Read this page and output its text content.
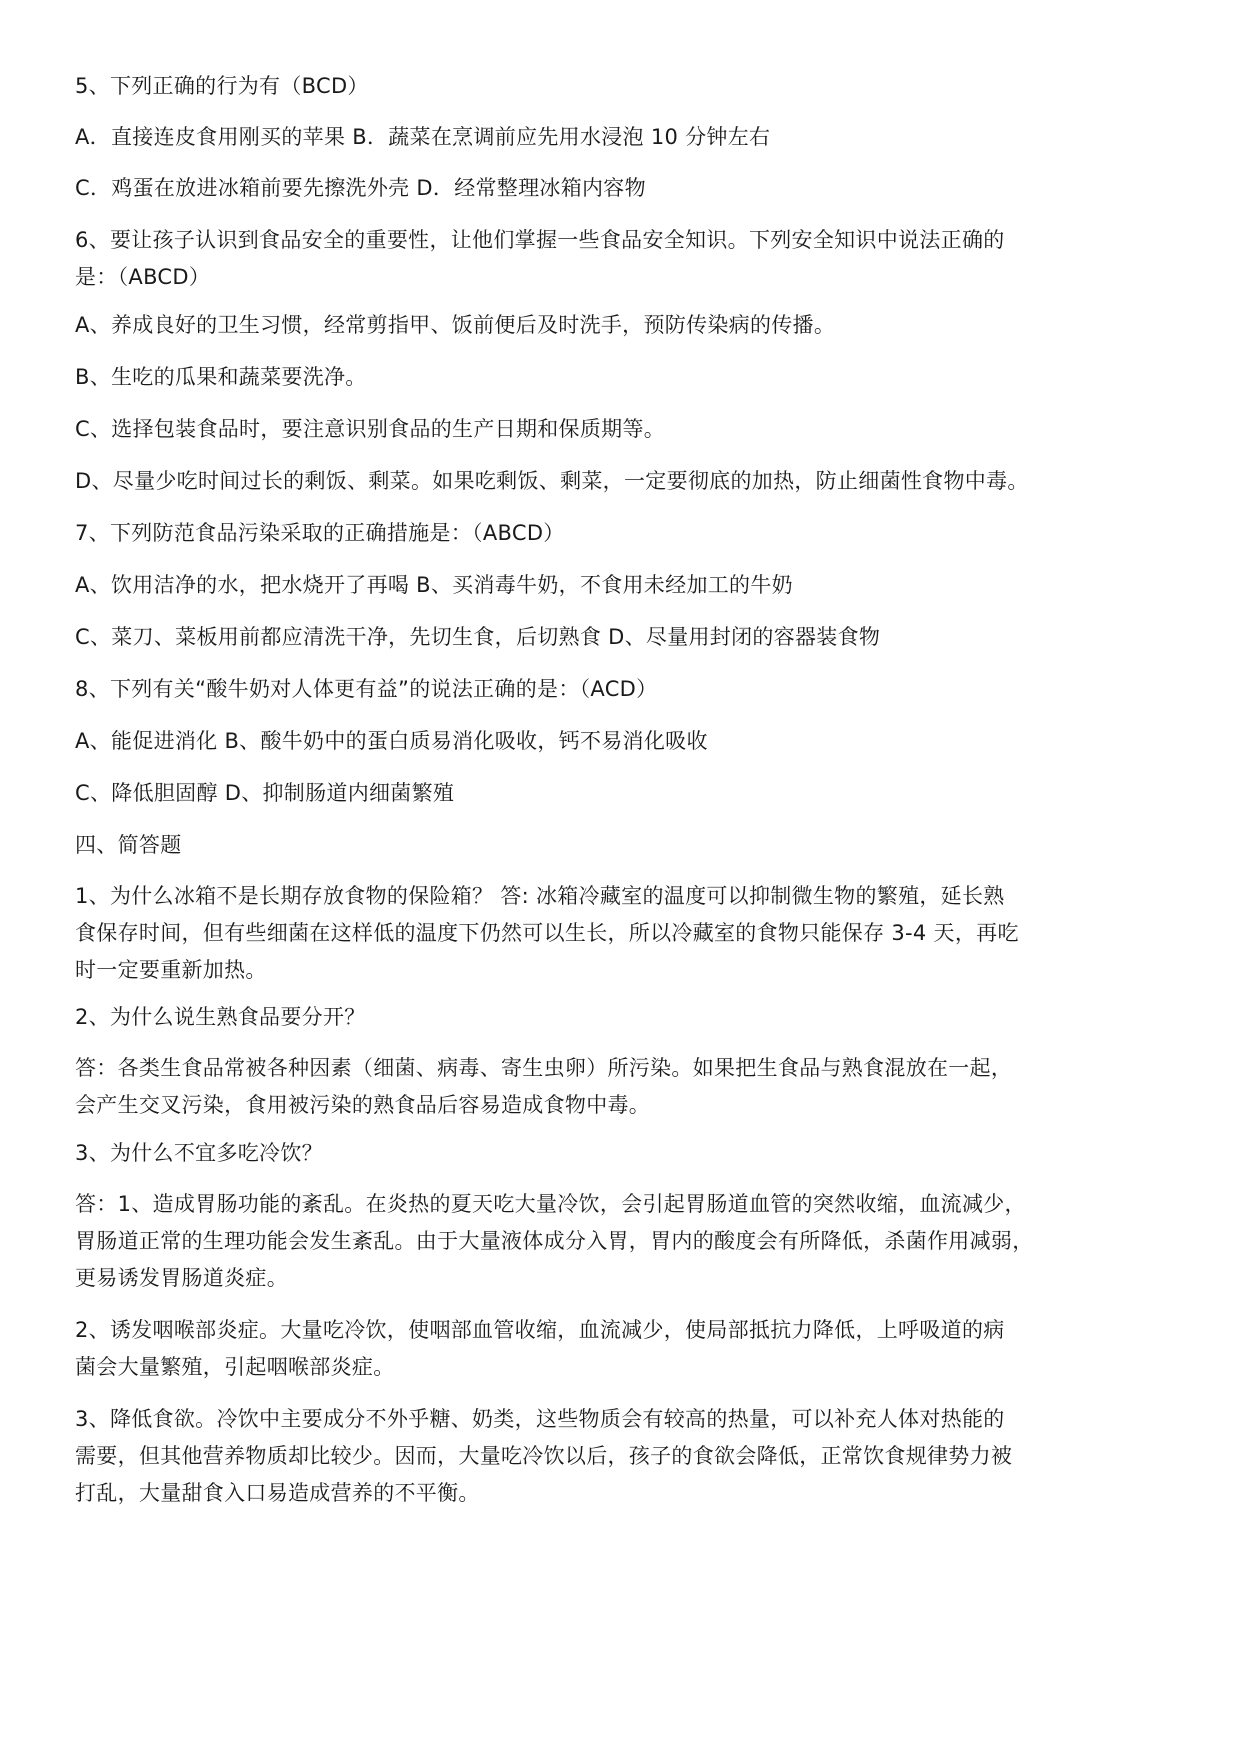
5、下列正确的行为有（BCD）
A．直接连皮食用刚买的苹果 B．蔬菜在烹调前应先用水浸泡 10 分钟左右
C．鸡蛋在放进冰箱前要先擦洗外壳 D．经常整理冰箱内容物
6、要让孩子认识到食品安全的重要性，让他们掌握一些食品安全知识。下列安全知识中说法正确的
是：（ABCD）
A、养成良好的卫生习惯，经常剪指甲、饭前便后及时洗手，预防传染病的传播。
B、生吃的瓜果和蔬菜要洗净。
C、选择包装食品时，要注意识别食品的生产日期和保质期等。
D、尽量少吃时间过长的剩饭、剩菜。如果吃剩饭、剩菜，一定要彻底的加热，防止细菌性食物中毒。
7、下列防范食品污染采取的正确措施是：（ABCD）
A、饮用洁净的水，把水烧开了再喝 B、买消毒牛奶，不食用未经加工的牛奶
C、菜刀、菜板用前都应清洗干净，先切生食，后切熟食 D、尽量用封闭的容器装食物
8、下列有关“酸牛奶对人体更有益”的说法正确的是：（ACD）
A、能促进消化 B、酸牛奶中的蛋白质易消化吸收，钙不易消化吸收
C、降低胆固醇 D、抑制肠道内细菌繁殖
四、简答题
1、为什么冰箱不是长期存放食物的保险箱？ 答: 冰箱冷藏室的温度可以抑制微生物的繁殖，延长熟
食保存时间，但有些细菌在这样低的温度下仍然可以生长，所以冷藏室的食物只能保存 3-4 天，再吃
时一定要重新加热。
2、为什么说生熟食品要分开？
答：各类生食品常被各种因素（细菌、病毒、寄生虫卵）所污染。如果把生食品与熟食混放在一起，
会产生交叉污染，食用被污染的熟食品后容易造成食物中毒。
3、为什么不宜多吃冷饮？
答：1、造成胃肠功能的紊乱。在炎热的夏天吃大量冷饮，会引起胃肠道血管的突然收缩，血流减少，
胃肠道正常的生理功能会发生紊乱。由于大量液体成分入胃，胃内的酸度会有所降低，杀菌作用减弱，
更易诱发胃肠道炎症。
2、诱发咽喉部炎症。大量吃冷饮，使咽部血管收缩，血流减少，使局部抵抗力降低，上呼吸道的病
菌会大量繁殖，引起咽喉部炎症。
3、降低食欲。冷饮中主要成分不外乎糖、奶类，这些物质会有较高的热量，可以补充人体对热能的
需要，但其他营养物质却比较少。因而，大量吃冷饮以后，孩子的食欲会降低，正常饮食规律势力被
打乱，大量甜食入口易造成营养的不平衡。
